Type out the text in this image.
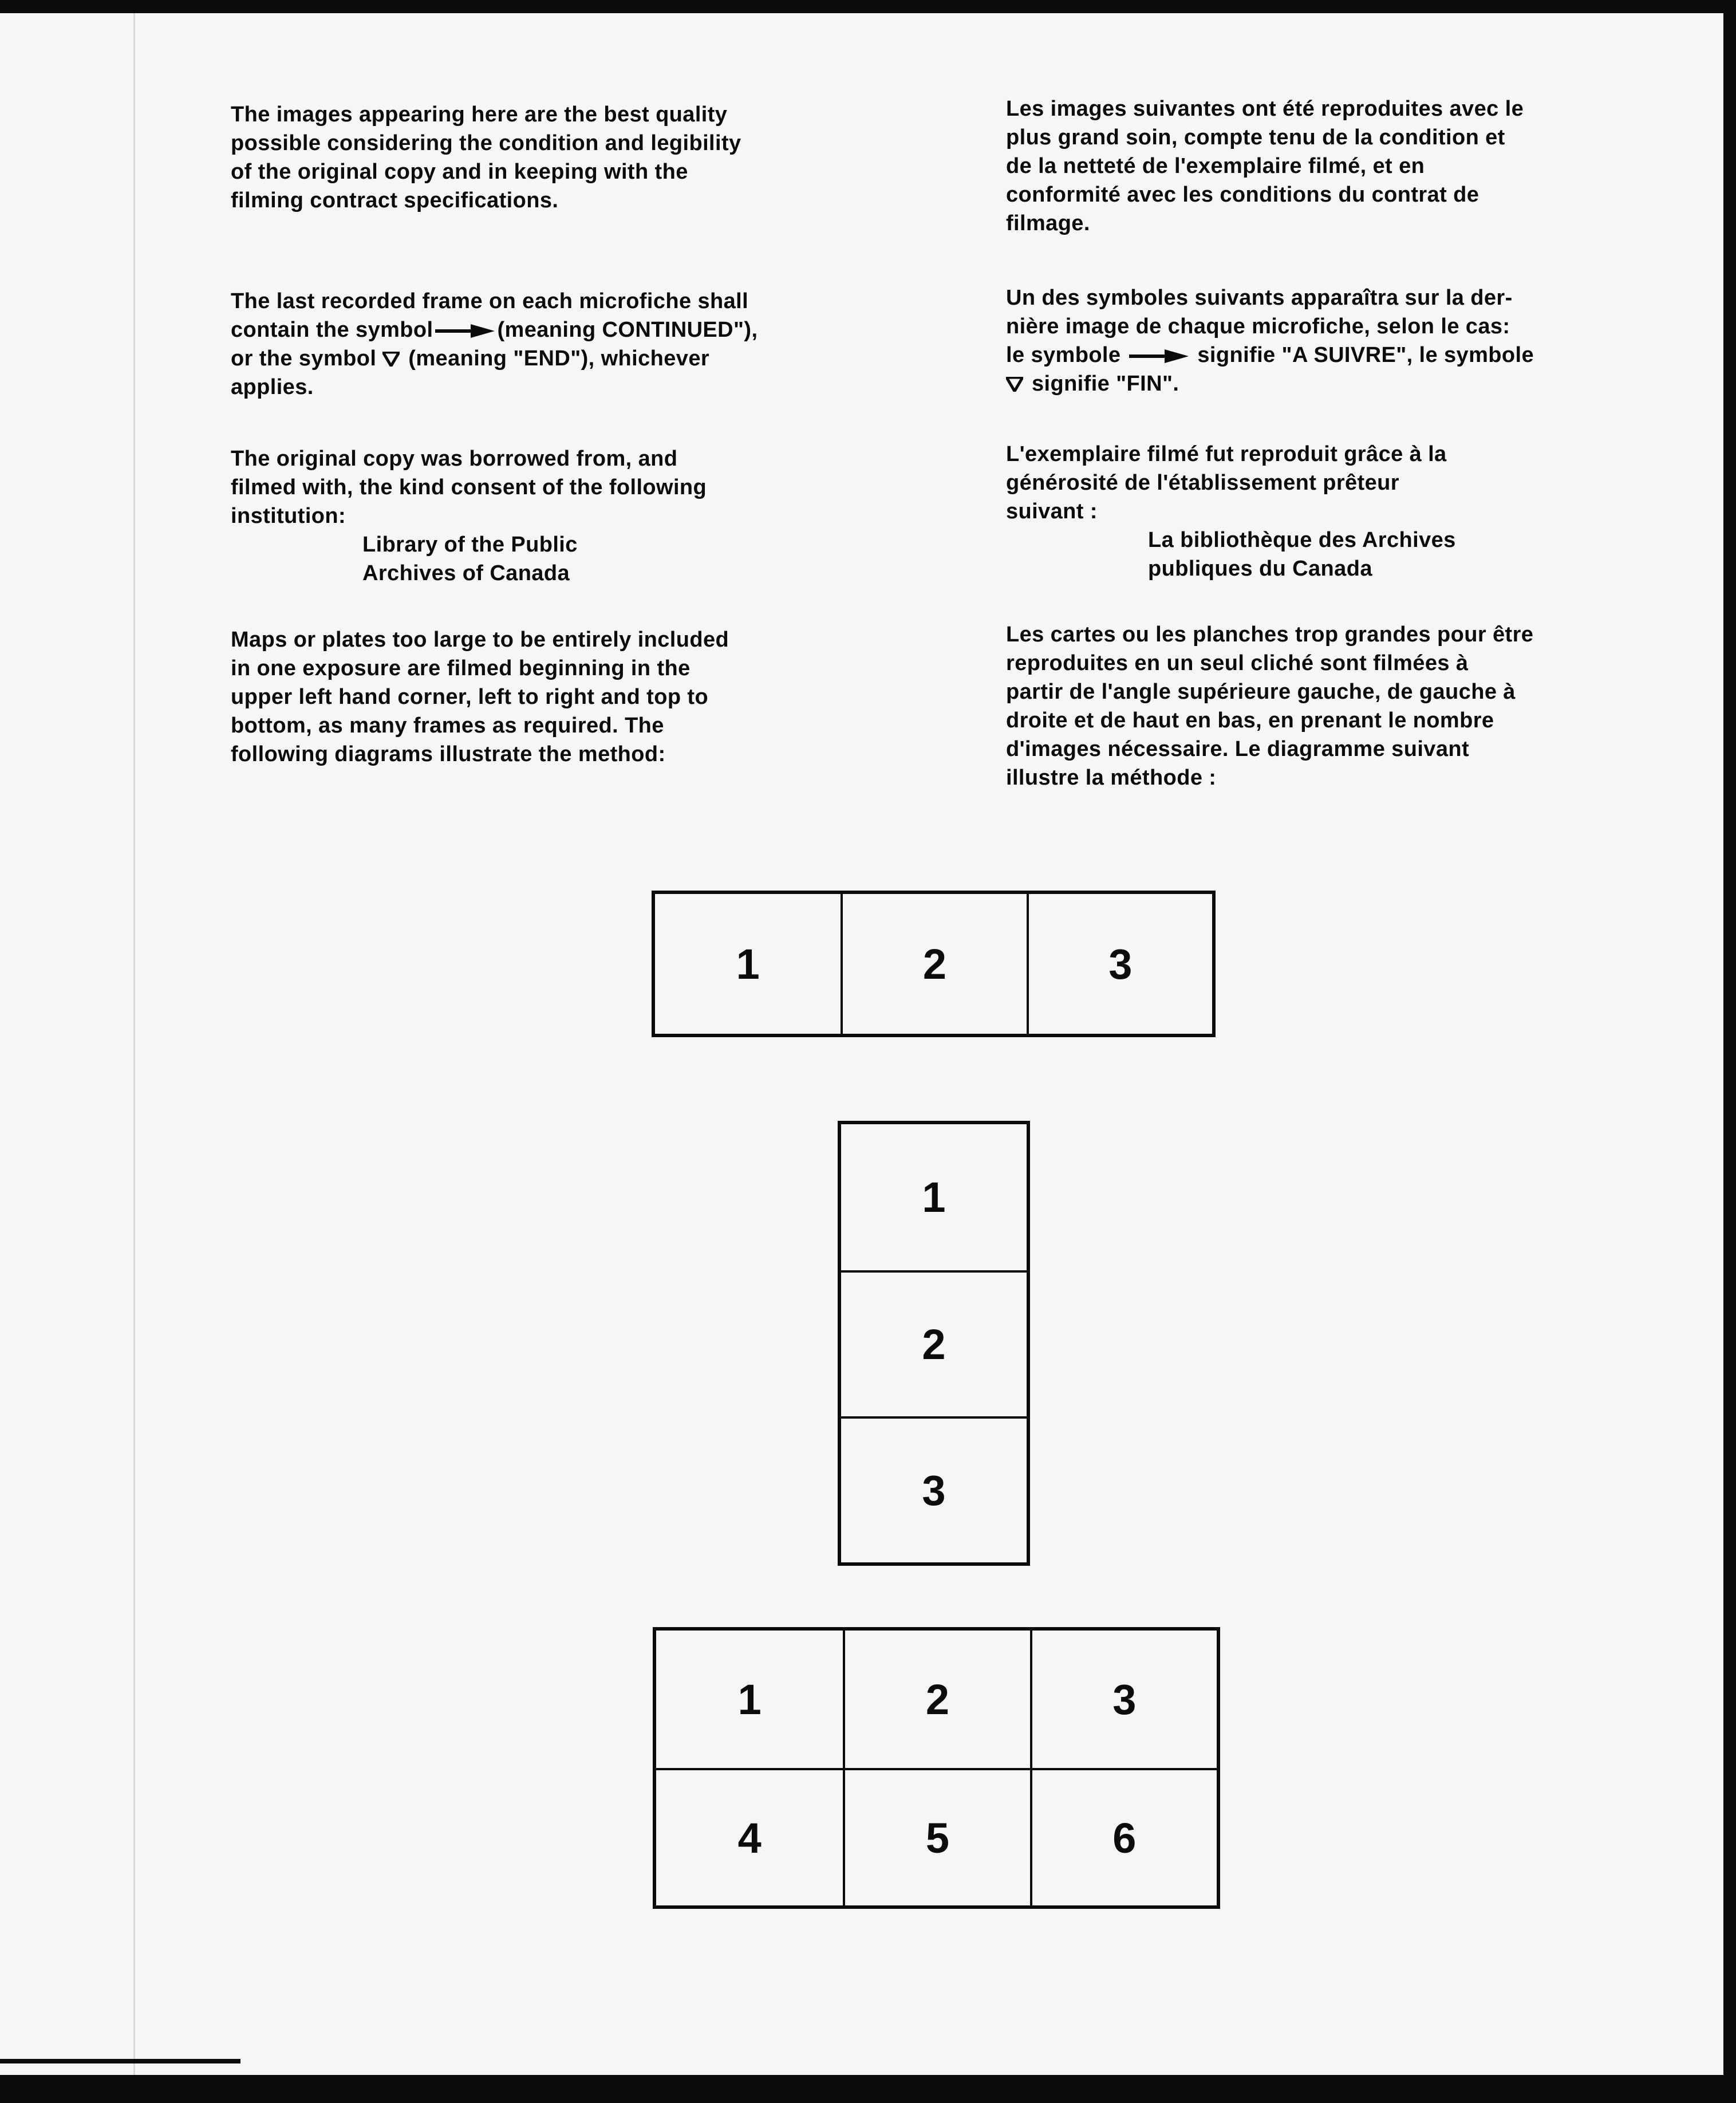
The images appearing here are the best quality

possible considering the condition and legibility

of the original copy and in keeping with the

filming contract specifications.

The last recorded frame on each microfiche shall

contain the symbol	(meaning CONTINUED"),

or the symbol (meaning "END"), whichever

applies.

The original copy was borrowed from, and

filmed with, the kind consent of the following

institution:

Library of the Public

Archives of Canada

Maps or plates too large to be entirely included

in one exposure are filmed beginning in the

upper left hand corner, left to right and top to

bottom, as many frames as required. The

following diagrams illustrate the method:

Les images suivantes ont été reproduites avec le

plus grand soin, compte tenu de la condition et

de la netteté de l'exemplaire filmé, et en

conformité avec les conditions du contrat de

filmage.

Un des symboles suivants apparaîtra sur la der-

nière image de chaque microfiche, selon le cas:

le symbole	signifie "A SUIVRE", le symbole

signifie "FIN".

L'exemplaire filmé fut reproduit grâce à la

générosité de l'établissement prêteur

suivant :

La bibliothèque des Archives

publiques du Canada

Les cartes ou les planches trop grandes pour être

reproduites en un seul cliché sont filmées à

partir de l'angle supérieure gauche, de gauche à

droite et de haut en bas, en prenant le nombre

d'images nécessaire. Le diagramme suivant

illustre la méthode :

1	2	3
1
2
3
1	2	3
4	5	6
